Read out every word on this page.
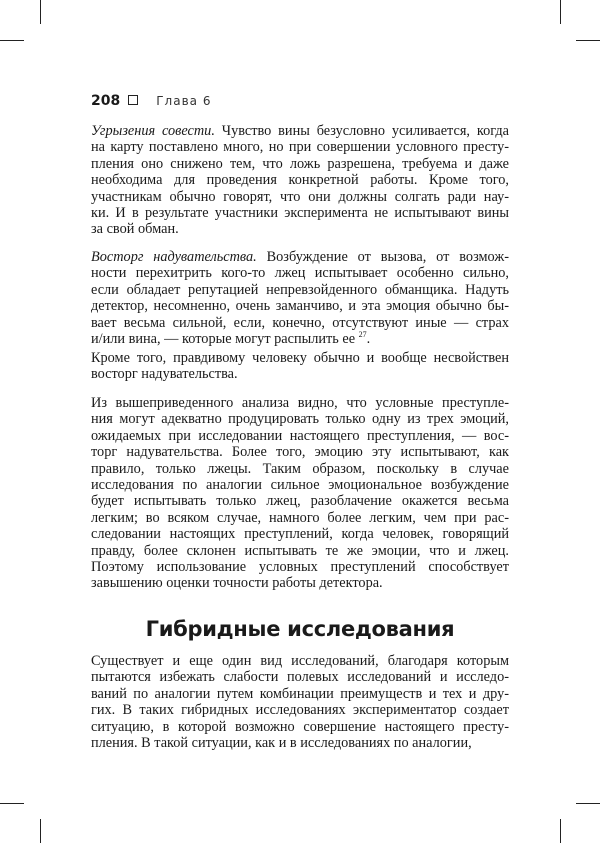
208	Глава 6
Угрызения совести. Чувство вины безусловно усиливается, когда
на карту поставлено много, но при совершении условного престу-
пления оно снижено тем, что ложь разрешена, требуема и даже
необходима для проведения конкретной работы. Кроме того,
участникам обычно говорят, что они должны солгать ради нау-
ки. И в результате участники эксперимента не испытывают вины
за свой обман.
Восторг надувательства. Возбуждение от вызова, от возмож-
ности перехитрить кого-то лжец испытывает особенно сильно,
если обладает репутацией непревзойденного обманщика. Надуть
детектор, несомненно, очень заманчиво, и эта эмоция обычно бы-
вает весьма сильной, если, конечно, отсутствуют иные — страх
и/или вина, — которые могут распылить ее $^{27}$.
Кроме того, правдивому человеку обычно и вообще несвойствен
восторг надувательства.
Из вышеприведенного анализа видно, что условные преступле-
ния могут адекватно продуцировать только одну из трех эмоций,
ожидаемых при исследовании настоящего преступления, — вос-
торг надувательства. Более того, эмоцию эту испытывают, как
правило, только лжецы. Таким образом, поскольку в случае
исследования по аналогии сильное эмоциональное возбуждение
будет испытывать только лжец, разоблачение окажется весьма
легким; во всяком случае, намного более легким, чем при рас-
следовании настоящих преступлений, когда человек, говорящий
правду, более склонен испытывать те же эмоции, что и лжец.
Поэтому использование условных преступлений способствует
завышению оценки точности работы детектора.
Гибридные исследования
Существует и еще один вид исследований, благодаря которым
пытаются избежать слабости полевых исследований и исследо-
ваний по аналогии путем комбинации преимуществ и тех и дру-
гих. В таких гибридных исследованиях экспериментатор создает
ситуацию, в которой возможно совершение настоящего престу-
пления. В такой ситуации, как и в исследованиях по аналогии,
